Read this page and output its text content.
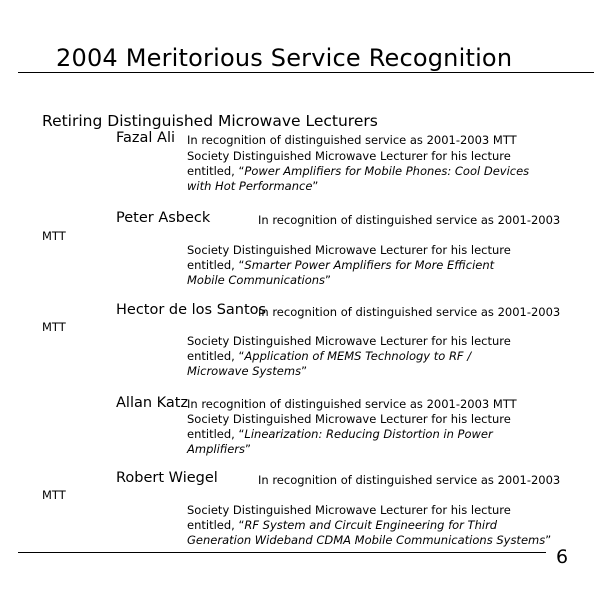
2004 Meritorious Service Recognition
Retiring Distinguished Microwave Lecturers
Fazal Ali In recognition of distinguished service as 2001-2003 MTT
Society Distinguished Microwave Lecturer for his lecture
entitled, “Power Amplifiers for Mobile Phones: Cool Devices
with Hot Performance”
Peter Asbeck	In recognition of distinguished service as 2001-2003
MTT
Society Distinguished Microwave Lecturer for his lecture
entitled, “Smarter Power Amplifiers for More Efficient
Mobile Communications”
Hector de los Santos
In recognition of distinguished service as 2001-2003
MTT
Society Distinguished Microwave Lecturer for his lecture
entitled, “Application of MEMS Technology to RF /
Microwave Systems”
Allan Katz
In recognition of distinguished service as 2001-2003 MTT
Society Distinguished Microwave Lecturer for his lecture
entitled, “Linearization: Reducing Distortion in Power
Amplifiers”
Robert Wiegel	In recognition of distinguished service as 2001-2003
MTT
Society Distinguished Microwave Lecturer for his lecture
entitled, “RF System and Circuit Engineering for Third
Generation Wideband CDMA Mobile Communications Systems”
6
